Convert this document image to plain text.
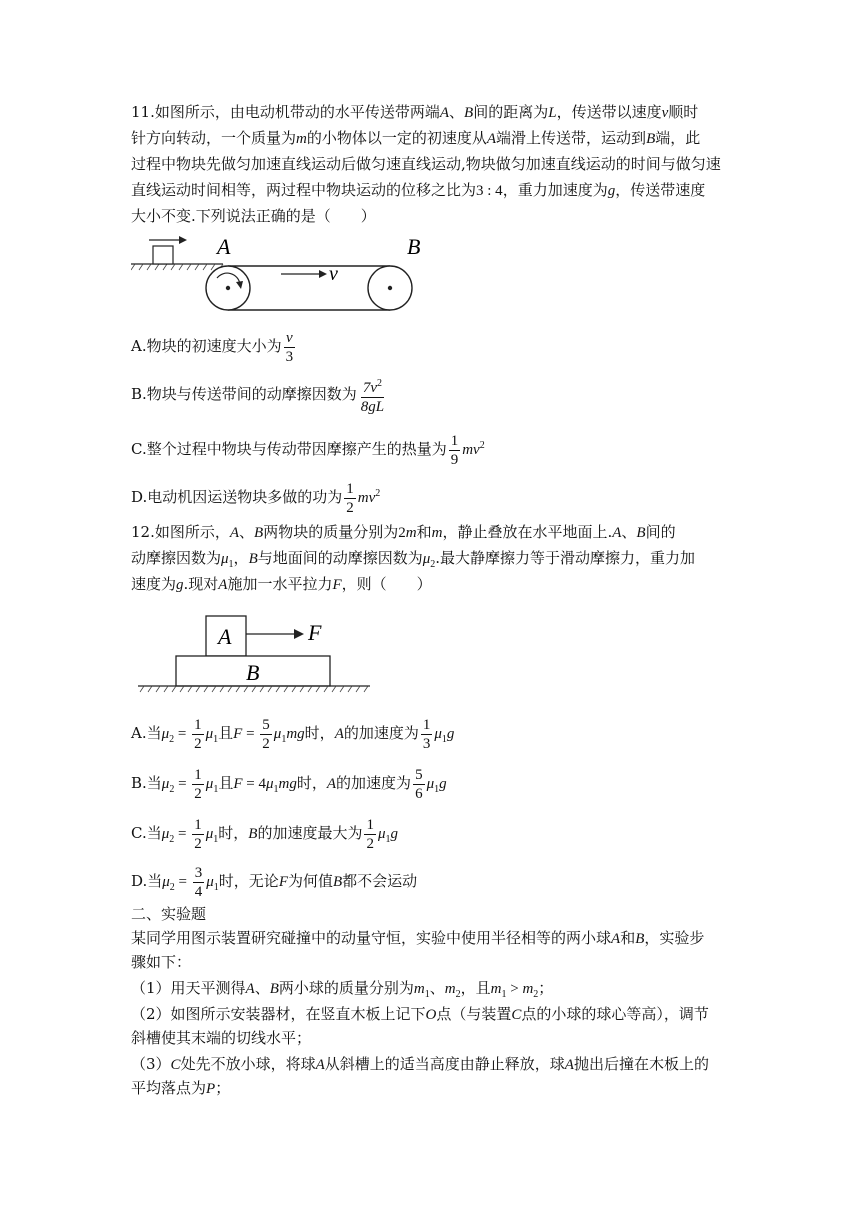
11.如图所示，由电动机带动的水平传送带两端A、B间的距离为L，传送带以速度v顺时
针方向转动，一个质量为m的小物体以一定的初速度从A端滑上传送带，运动到B端，此
过程中物块先做匀加速直线运动后做匀速直线运动,物块做匀加速直线运动的时间与做匀速
直线运动时间相等，两过程中物块运动的位移之比为3 : 4，重力加速度为g，传送带速度
大小不变.下列说法正确的是（　　）
A	B
v
A.物块的初速度大小为 $\frac{v}{3}$
B.物块与传送带间的动摩擦因数为 $\frac{7v^2}{8gL}$
C.整个过程中物块与传动带因摩擦产生的热量为 $\frac{1}{9} mv^2$
D.电动机因运送物块多做的功为 $\frac{1}{2} mv^2$
12.如图所示，A、B两物块的质量分别为2m和m，静止叠放在水平地面上.A、B间的
动摩擦因数为$\mu_1$，B与地面间的动摩擦因数为$\mu_2$.最大静摩擦力等于滑动摩擦力，重力加
速度为g.现对A施加一水平拉力F，则（　　）
A
B
F
A.当$\mu_2 = \frac{1}{2} \mu_1$且$F = \frac{5}{2} \mu_1mg$时，A的加速度为 $\frac{1}{3} \mu_1g$
B.当$\mu_2 = \frac{1}{2} \mu_1$且$F = 4\mu_1mg$时，A的加速度为 $\frac{5}{6} \mu_1g$
C.当$\mu_2 = \frac{1}{2} \mu_1$时，B的加速度最大为 $\frac{1}{2} \mu_1g$
D.当$\mu_2 = \frac{3}{4} \mu_1$时，无论F为何值B都不会运动
二、实验题
某同学用图示装置研究碰撞中的动量守恒，实验中使用半径相等的两小球A和B，实验步
骤如下：
（1）用天平测得A、B两小球的质量分别为$m_1$、$m_2$，且$m_1 > m_2$；
（2）如图所示安装器材，在竖直木板上记下O点（与装置C点的小球的球心等高），调节
斜槽使其末端的切线水平；
（3）C处先不放小球，将球A从斜槽上的适当高度由静止释放，球A抛出后撞在木板上的
平均落点为P；
